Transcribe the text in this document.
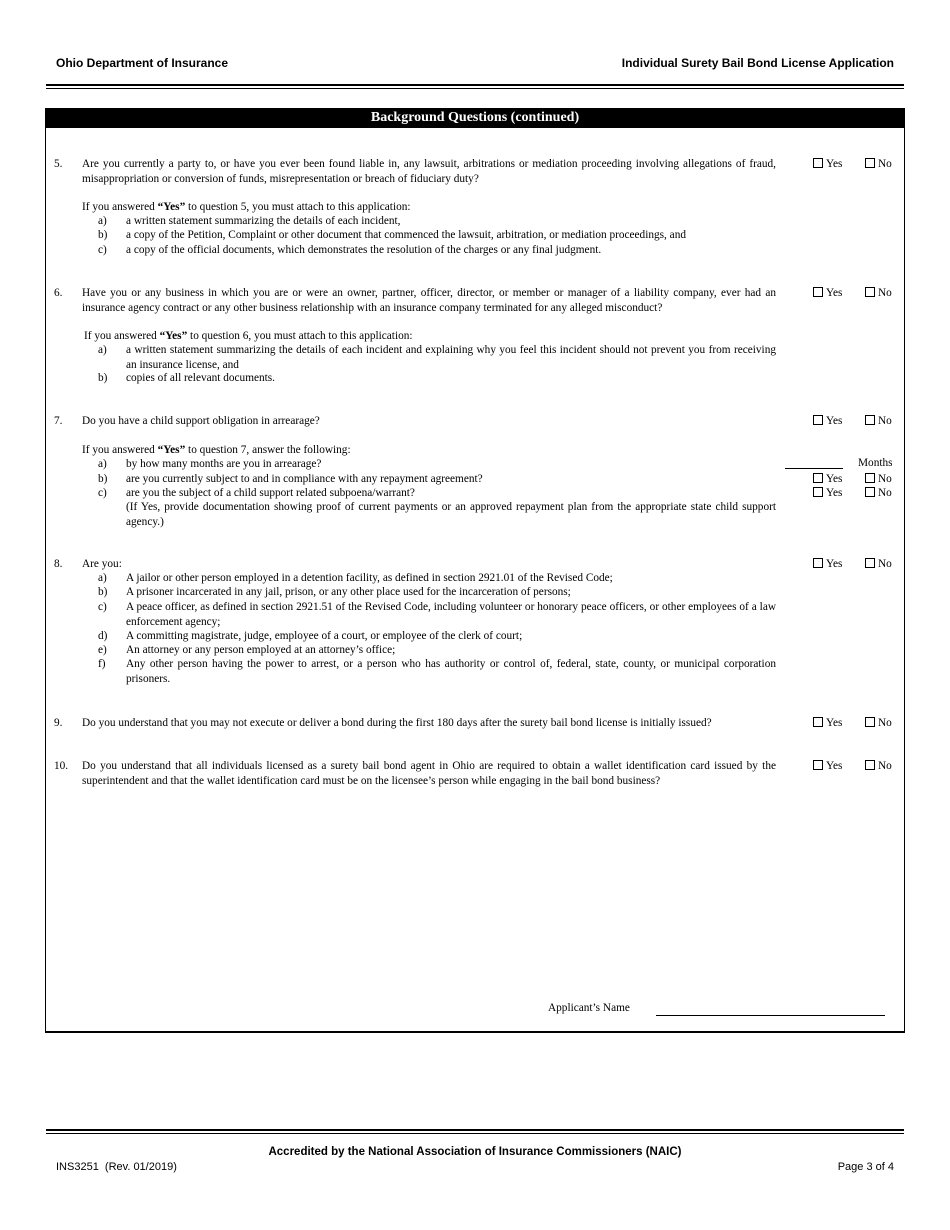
Ohio Department of Insurance	Individual Surety Bail Bond License Application
Background Questions (continued)
5. Are you currently a party to, or have you ever been found liable in, any lawsuit, arbitrations or mediation proceeding involving allegations of fraud, misappropriation or conversion of funds, misrepresentation or breach of fiduciary duty?
Yes	No
If you answered “Yes” to question 5, you must attach to this application:
a) a written statement summarizing the details of each incident,
b) a copy of the Petition, Complaint or other document that commenced the lawsuit, arbitration, or mediation proceedings, and
c) a copy of the official documents, which demonstrates the resolution of the charges or any final judgment.
6. Have you or any business in which you are or were an owner, partner, officer, director, or member or manager of a liability company, ever had an insurance agency contract or any other business relationship with an insurance company terminated for any alleged misconduct?
Yes	No
If you answered “Yes” to question 6, you must attach to this application:
a) a written statement summarizing the details of each incident and explaining why you feel this incident should not prevent you from receiving an insurance license, and
b) copies of all relevant documents.
7. Do you have a child support obligation in arrearage?	Yes	No
If you answered “Yes” to question 7, answer the following:
a) by how many months are you in arrearage?	Months
b) are you currently subject to and in compliance with any repayment agreement?	Yes	No
c) are you the subject of a child support related subpoena/warrant?	Yes	No
(If Yes, provide documentation showing proof of current payments or an approved repayment plan from the appropriate state child support agency.)
8. Are you:	Yes	No
a) A jailor or other person employed in a detention facility, as defined in section 2921.01 of the Revised Code;
b) A prisoner incarcerated in any jail, prison, or any other place used for the incarceration of persons;
c) A peace officer, as defined in section 2921.51 of the Revised Code, including volunteer or honorary peace officers, or other employees of a law enforcement agency;
d) A committing magistrate, judge, employee of a court, or employee of the clerk of court;
e) An attorney or any person employed at an attorney’s office;
f) Any other person having the power to arrest, or a person who has authority or control of, federal, state, county, or municipal corporation prisoners.
9. Do you understand that you may not execute or deliver a bond during the first 180 days after the surety bail bond license is initially issued?	Yes	No
10. Do you understand that all individuals licensed as a surety bail bond agent in Ohio are required to obtain a wallet identification card issued by the superintendent and that the wallet identification card must be on the licensee’s person while engaging in the bail bond business?
Yes	No
Applicant’s Name
Accredited by the National Association of Insurance Commissioners (NAIC)
INS3251  (Rev. 01/2019)	Page 3 of 4
